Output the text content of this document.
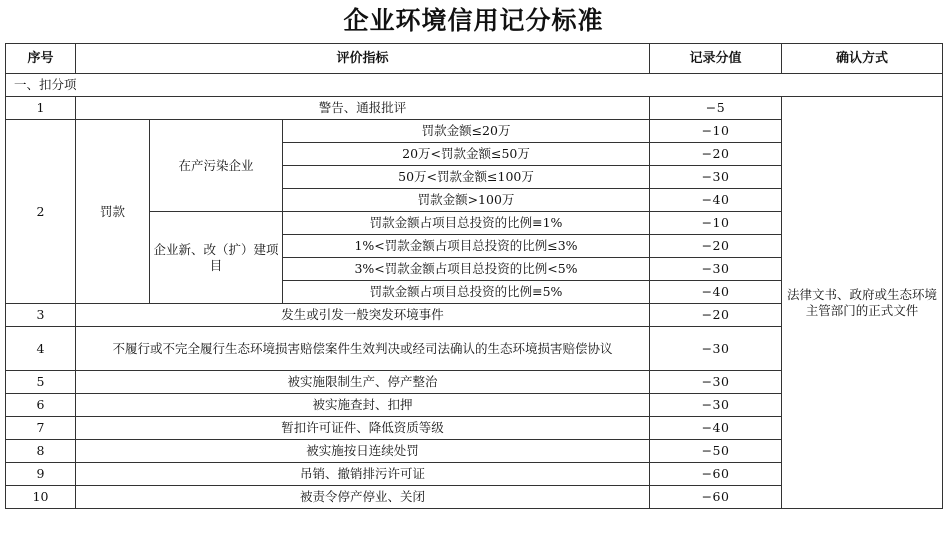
企业环境信用记分标准
序号	评价指标			记录分值	确认方式
一、扣分项					
1	警告、通报批评			−5	法律文书、政府或生态环境主管部门的正式文件
2	罚款	在产污染企业	罚款金额≤20万	−10	
			20万<罚款金额≤50万	−20	
			50万<罚款金额≤100万	−30	
			罚款金额>100万	−40	
		企业新、改（扩）建项目	罚款金额占项目总投资的比例≡1%	−10	
			1%<罚款金额占项目总投资的比例≤3%	−20	
			3%<罚款金额占项目总投资的比例<5%	−30	
			罚款金额占项目总投资的比例≡5%	−40	
3	发生或引发一般突发环境事件			−20	
4	不履行或不完全履行生态环境损害赔偿案件生效判决或经司法确认的生态环境损害赔偿协议			−30	
5	被实施限制生产、停产整治			−30	
6	被实施查封、扣押			−30	
7	暂扣许可证件、降低资质等级			−40	
8	被实施按日连续处罚			−50	
9	吊销、撤销排污许可证			−60	
10	被责令停产停业、关闭			−60	
